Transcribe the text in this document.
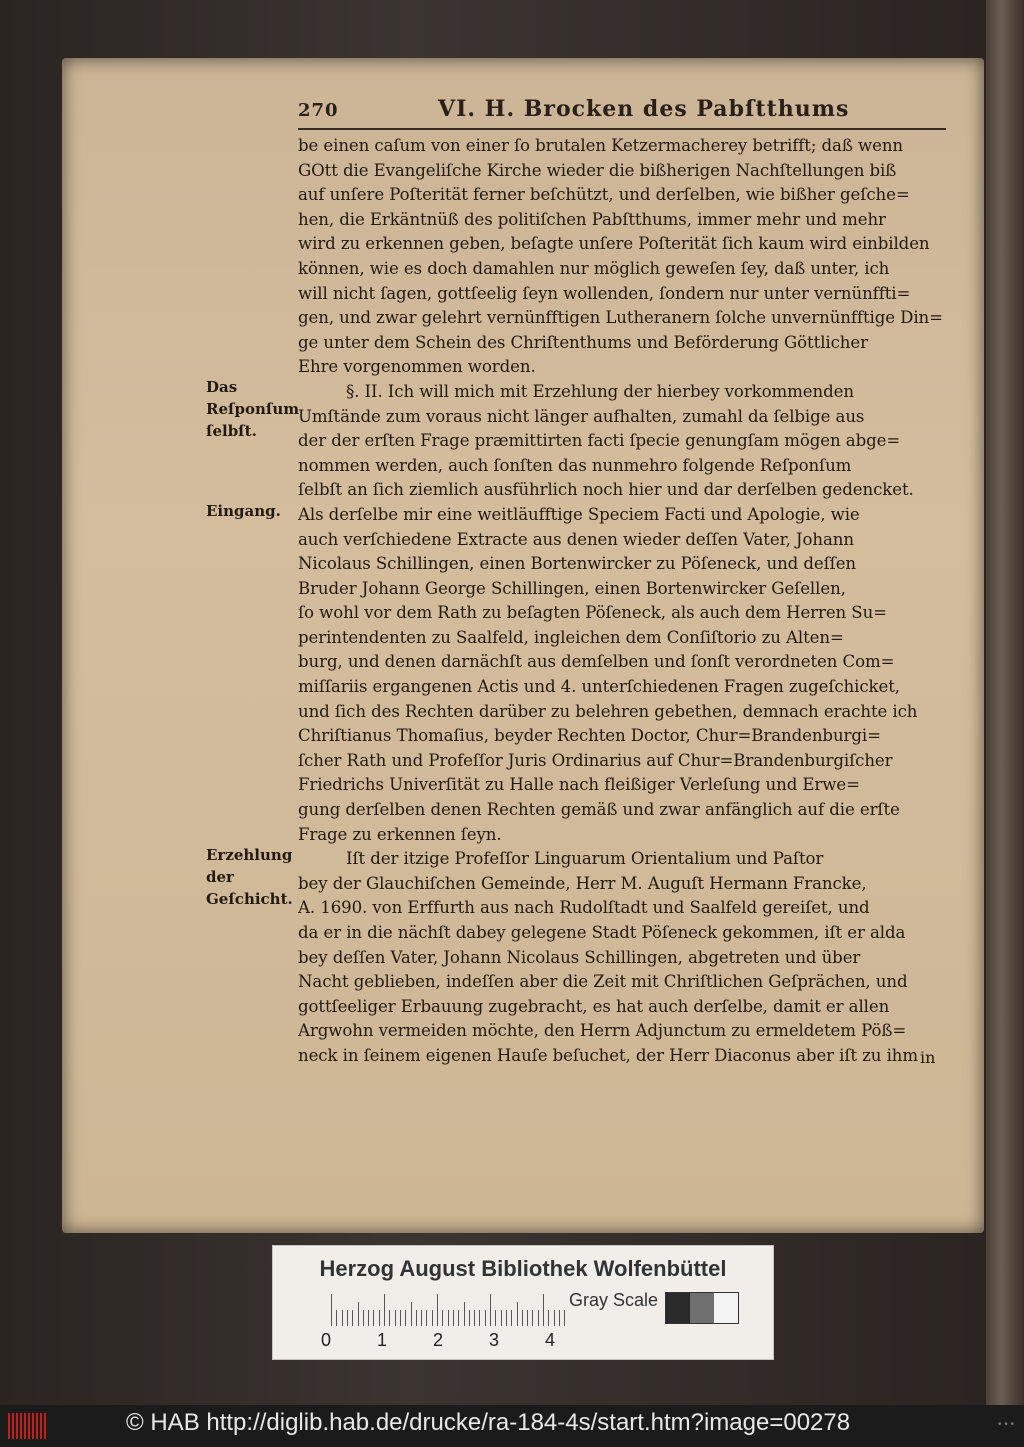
270	VI. H. Brocken des Pabſtthums
Das Reſponſum ſelbſt.
Eingang.
Erzehlung der Geſchicht.
be einen caſum von einer ſo brutalen Ketzermacherey betrifft; daß wenn
GOtt die Evangeliſche Kirche wieder die bißherigen Nachſtellungen biß
auf unſere Poſterität ferner beſchützt, und derſelben, wie bißher geſche=
hen, die Erkäntnüß des politiſchen Pabſtthums, immer mehr und mehr
wird zu erkennen geben, beſagte unſere Poſterität ſich kaum wird einbilden
können, wie es doch damahlen nur möglich geweſen ſey, daß unter, ich
will nicht ſagen, gottſeelig ſeyn wollenden, ſondern nur unter vernünffti=
gen, und zwar gelehrt vernünfftigen Lutheranern ſolche unvernünfftige Din=
ge unter dem Schein des Chriſtenthums und Beförderung Göttlicher
Ehre vorgenommen worden.
§. II. Ich will mich mit Erzehlung der hierbey vorkommenden
Umſtände zum voraus nicht länger aufhalten, zumahl da ſelbige aus
der der erſten Frage præmittirten facti ſpecie genungſam mögen abge=
nommen werden, auch ſonſten das nunmehro folgende Reſponſum
ſelbſt an ſich ziemlich ausführlich noch hier und dar derſelben gedencket.
Als derſelbe mir eine weitläufftige Speciem Facti und Apologie, wie
auch verſchiedene Extracte aus denen wieder deſſen Vater, Johann
Nicolaus Schillingen, einen Bortenwircker zu Pöſeneck, und deſſen
Bruder Johann George Schillingen, einen Bortenwircker Geſellen,
ſo wohl vor dem Rath zu beſagten Pöſeneck, als auch dem Herren Su=
perintendenten zu Saalfeld, ingleichen dem Conſiſtorio zu Alten=
burg, und denen darnächſt aus demſelben und ſonſt verordneten Com=
miſſariis ergangenen Actis und 4. unterſchiedenen Fragen zugeſchicket,
und ſich des Rechten darüber zu belehren gebethen, demnach erachte ich
Chriſtianus Thomaſius, beyder Rechten Doctor, Chur=Brandenburgi=
ſcher Rath und Profeſſor Juris Ordinarius auf Chur=Brandenburgiſcher
Friedrichs Univerſität zu Halle nach fleißiger Verleſung und Erwe=
gung derſelben denen Rechten gemäß und zwar anfänglich auf die erſte
Frage zu erkennen ſeyn.
Iſt der itzige Profeſſor Linguarum Orientalium und Paſtor
bey der Glauchiſchen Gemeinde, Herr M. Auguſt Hermann Francke,
A. 1690. von Erffurth aus nach Rudolſtadt und Saalfeld gereiſet, und
da er in die nächſt dabey gelegene Stadt Pöſeneck gekommen, iſt er alda
bey deſſen Vater, Johann Nicolaus Schillingen, abgetreten und über
Nacht geblieben, indeſſen aber die Zeit mit Chriſtlichen Geſprächen, und
gottſeeliger Erbauung zugebracht, es hat auch derſelbe, damit er allen
Argwohn vermeiden möchte, den Herrn Adjunctum zu ermeldetem Pöß=
neck in ſeinem eigenen Hauſe beſuchet, der Herr Diaconus aber iſt zu ihm in
Herzog August Bibliothek Wolfenbüttel
0	1	2	3	4
Gray Scale
© HAB http://diglib.hab.de/drucke/ra-184-4s/start.htm?image=00278	• • •
